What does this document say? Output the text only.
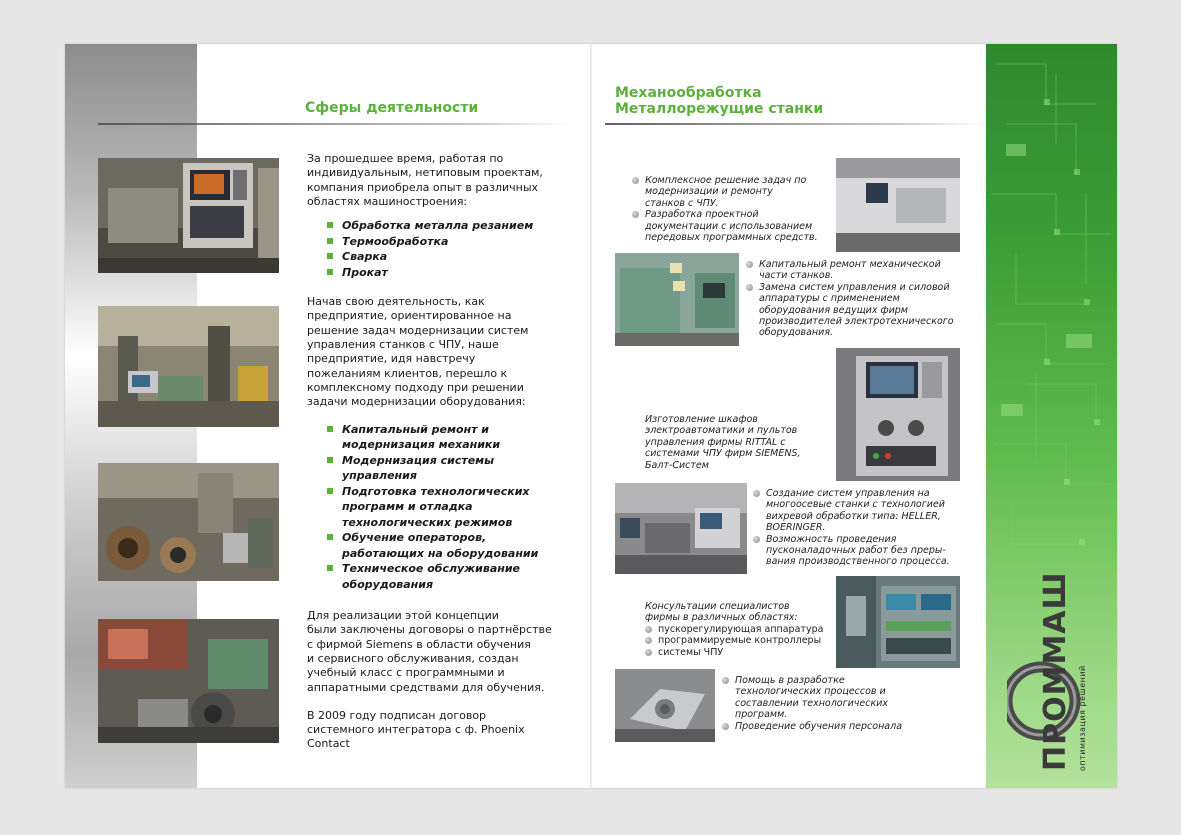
Сферы деятельности
Механообработка
Металлорежущие станки

За прошедшее время, работая по
индивидуальным, нетиповым проектам,
компания приобрела опыт в различных
областях машиностроения:

Обработка металла резанием
Термообработка
Сварка
Прокат

Начав свою деятельность, как
предприятие, ориентированное на
решение задач модернизации систем
управления станков с ЧПУ, наше
предприятие, идя навстречу
пожеланиям клиентов, перешло к
комплексному подходу при решении
задачи модернизации оборудования:

Капитальный ремонт и
модернизация механики
Модернизация системы
управления
Подготовка технологических
программ и отладка
технологических режимов
Обучение операторов,
работающих на оборудовании
Техническое обслуживание
оборудования

Для реализации этой концепции
были заключены договоры о партнёрстве
с фирмой Siemens в области обучения
и сервисного обслуживания, создан
учебный класс с программными и
аппаратными средствами для обучения.

В 2009 году подписан договор
системного интегратора с ф. Phoenix
Contact

Комплексное решение задач по
модернизации и ремонту
станков с ЧПУ.
Разработка проектной
документации с использованием
передовых программных средств.
Капитальный ремонт механической
части станков.
Замена систем управления и силовой
аппаратуры с применением
оборудования ведущих фирм
производителей электротехнического
оборудования.
Изготовление шкафов
электроавтоматики и пультов
управления фирмы RITTAL с
системами ЧПУ фирм SIEMENS,
Балт-Систем
Создание систем управления на
многоосевые станки с технологией
вихревой обработки типа: HELLER,
BOERINGER.
Возможность проведения
пусконаладочных работ без преры-
вания производственного процесса.
Консультации специалистов
фирмы в различных областях:
пускорегулирующая аппаратура
программируемые контроллеры
системы ЧПУ
Помощь в разработке
технологических процессов и
составлении технологических
программ.
Проведение обучения персонала	ПРОММАШ оптимизация решений
